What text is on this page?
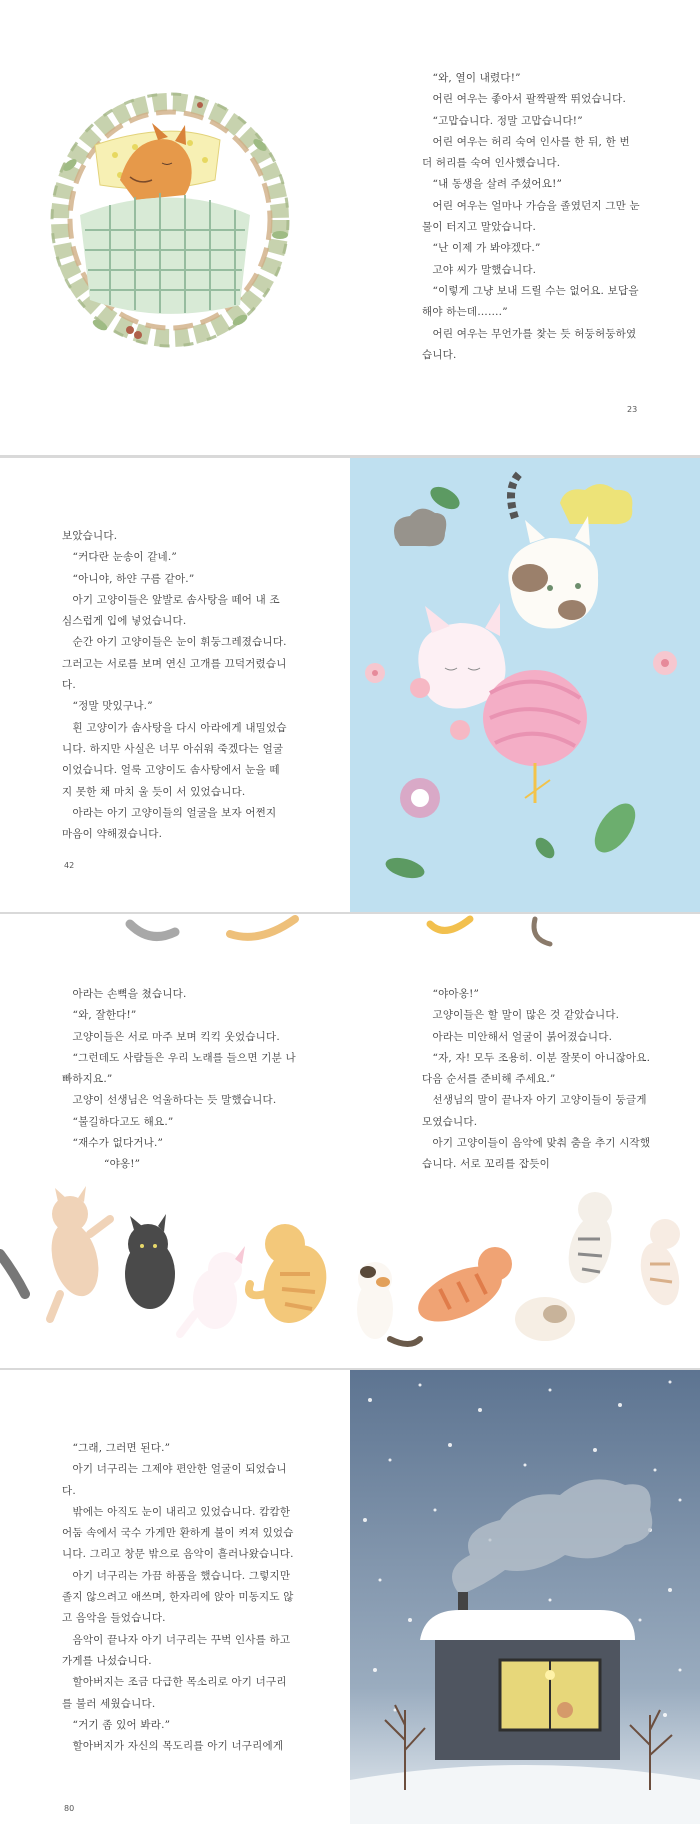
“와, 열이 내렸다!”

어린 여우는 좋아서 팔짝팔짝 뛰었습니다.

“고맙습니다. 정말 고맙습니다!”

어린 여우는 허리 숙여 인사를 한 뒤, 한 번 더 허리를 숙여 인사했습니다.

“내 동생을 살려 주셨어요!”

어린 여우는 얼마나 가슴을 졸였던지 그만 눈물이 터지고 말았습니다.

“난 이제 가 봐야겠다.”

고야 씨가 말했습니다.

“이렇게 그냥 보내 드릴 수는 없어요. 보답을 해야 하는데…….”

어린 여우는 무언가를 찾는 듯 허둥허둥하였습니다.

23

보았습니다.

“커다란 눈송이 같네.”

“아니야, 하얀 구름 같아.”

아기 고양이들은 앞발로 솜사탕을 떼어 내 조심스럽게 입에 넣었습니다.

순간 아기 고양이들은 눈이 휘둥그레졌습니다. 그러고는 서로를 보며 연신 고개를 끄덕거렸습니다.

“정말 맛있구나.”

흰 고양이가 솜사탕을 다시 아라에게 내밀었습니다. 하지만 사실은 너무 아쉬워 죽겠다는 얼굴이었습니다. 얼룩 고양이도 솜사탕에서 눈을 떼지 못한 채 마치 울 듯이 서 있었습니다.

아라는 아기 고양이들의 얼굴을 보자 어쩐지 마음이 약해졌습니다.

42

아라는 손뼉을 쳤습니다.

“와, 잘한다!”

고양이들은 서로 마주 보며 킥킥 웃었습니다.

“그런데도 사람들은 우리 노래를 들으면 기분 나빠하지요.”

고양이 선생님은 억울하다는 듯 말했습니다.

“불길하다고도 해요.”

“재수가 없다거나.”

“야옹!”

“야아옹!”

고양이들은 할 말이 많은 것 같았습니다.

아라는 미안해서 얼굴이 붉어졌습니다.

“자, 자! 모두 조용히. 이분 잘못이 아니잖아요. 다음 순서를 준비해 주세요.”

선생님의 말이 끝나자 아기 고양이들이 둥글게 모였습니다.

아기 고양이들이 음악에 맞춰 춤을 추기 시작했습니다. 서로 꼬리를 잡듯이

“그래, 그러면 된다.”

아기 너구리는 그제야 편안한 얼굴이 되었습니다.

밖에는 아직도 눈이 내리고 있었습니다. 캄캄한 어둠 속에서 국수 가게만 환하게 불이 켜져 있었습니다. 그리고 창문 밖으로 음악이 흘러나왔습니다.

아기 너구리는 가끔 하품을 했습니다. 그렇지만 졸지 않으려고 애쓰며, 한자리에 앉아 미동지도 않고 음악을 들었습니다.

음악이 끝나자 아기 너구리는 꾸벅 인사를 하고 가게를 나섰습니다.

할아버지는 조금 다급한 목소리로 아기 너구리를 불러 세웠습니다.

“거기 좀 있어 봐라.”

할아버지가 자신의 목도리를 아기 너구리에게

80
